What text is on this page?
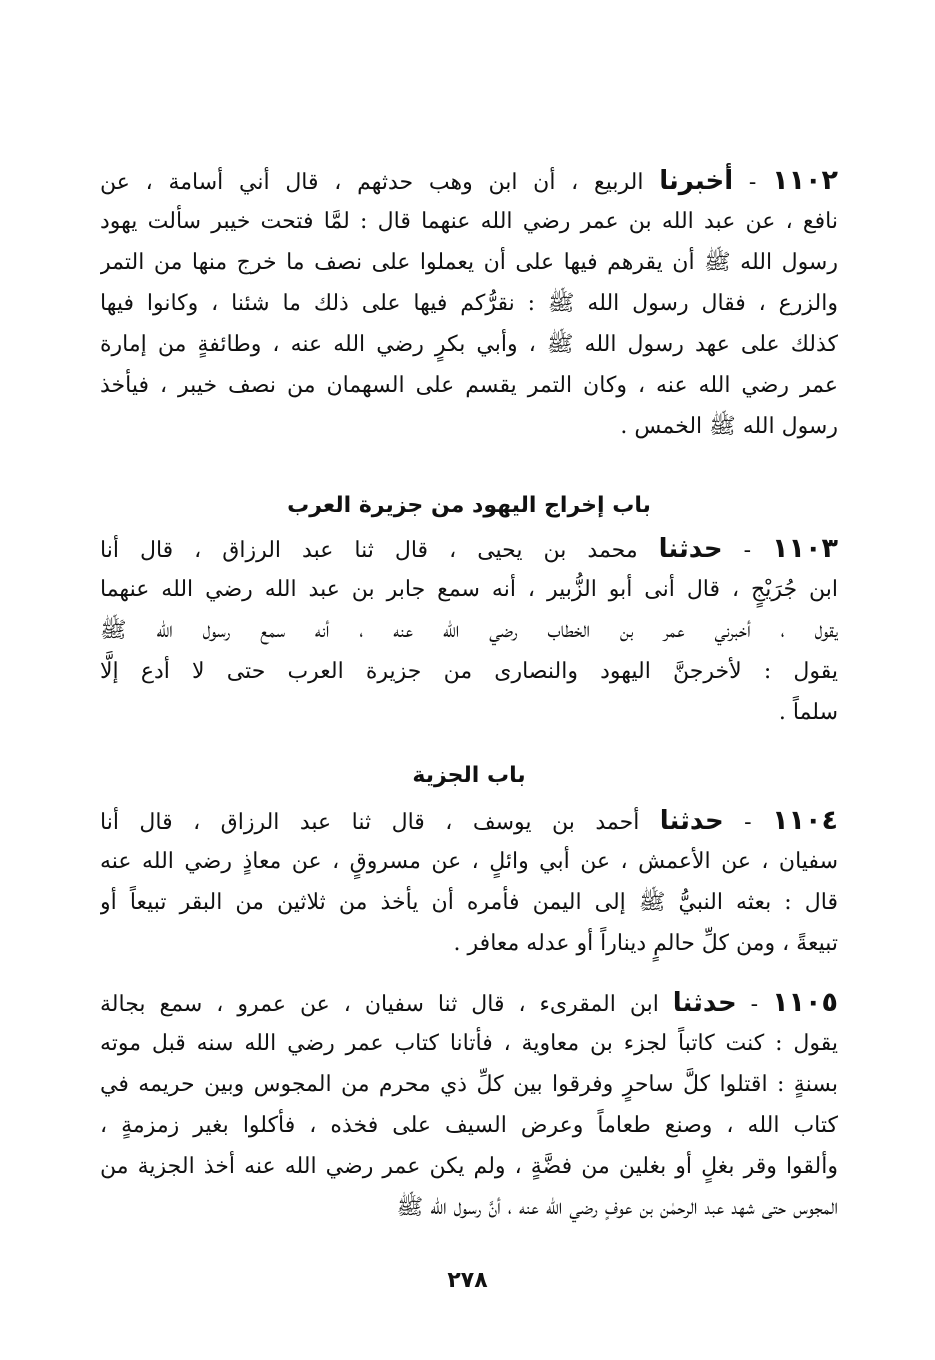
١١٠٢ - أخبرنا الربيع ، أن ابن وهب حدثهم ، قال أني أسامة ، عن
نافع ، عن عبد الله بن عمر رضي الله عنهما قال : لمَّا فتحت خيبر سألت يهود
رسول الله ﷺ أن يقرهم فيها على أن يعملوا على نصف ما خرج منها من التمر
والزرع ، فقال رسول الله ﷺ : نقرُّكم فيها على ذلك ما شئنا ، وكانوا فيها
كذلك على عهد رسول الله ﷺ ، وأبي بكرٍ رضي الله عنه ، وطائفةٍ من إمارة
عمر رضي الله عنه ، وكان التمر يقسم على السهمان من نصف خيبر ، فيأخذ
رسول الله ﷺ الخمس .
باب إخراج اليهود من جزيرة العرب
١١٠٣ - حدثنا محمد بن يحيى ، قال ثنا عبد الرزاق ، قال أنا
ابن جُرَيْجٍ ، قال أنى أبو الزُّبير ، أنه سمع جابر بن عبد الله رضي الله عنهما
يقول ، أخبرني عمر بن الخطاب رضي الله عنه ، أنه سمع رسول الله ﷺ
يقول : لأخرجنَّ اليهود والنصارى من جزيرة العرب حتى لا أدع إلَّا
سلماً .
باب الجزية
١١٠٤ - حدثنا أحمد بن يوسف ، قال ثنا عبد الرزاق ، قال أنا
سفيان ، عن الأعمش ، عن أبي وائلٍ ، عن مسروقٍ ، عن معاذٍ رضي الله عنه
قال : بعثه النبيُّ ﷺ إلى اليمن فأمره أن يأخذ من ثلاثين من البقر تبيعاً أو
تبيعةً ، ومن كلِّ حالمٍ ديناراً أو عدله معافر .
١١٠٥ - حدثنا ابن المقرىء ، قال ثنا سفيان ، عن عمرو ، سمع بجالة
يقول : كنت كاتباً لجزء بن معاوية ، فأتانا كتاب عمر رضي الله سنه قبل موته
بسنةٍ : اقتلوا كلَّ ساحرٍ وفرقوا بين كلِّ ذي محرم من المجوس وبين حريمه في
كتاب الله ، وصنع طعاماً وعرض السيف على فخذه ، فأكلوا بغير زمزمةٍ ،
وألقوا وقر بغلٍ أو بغلين من فضَّةٍ ، ولم يكن عمر رضي الله عنه أخذ الجزية من
المجوس حتى شهد عبد الرحمٰن بن عوفٍ رضي الله عنه ، أنَّ رسول الله ﷺ
٢٧٨
